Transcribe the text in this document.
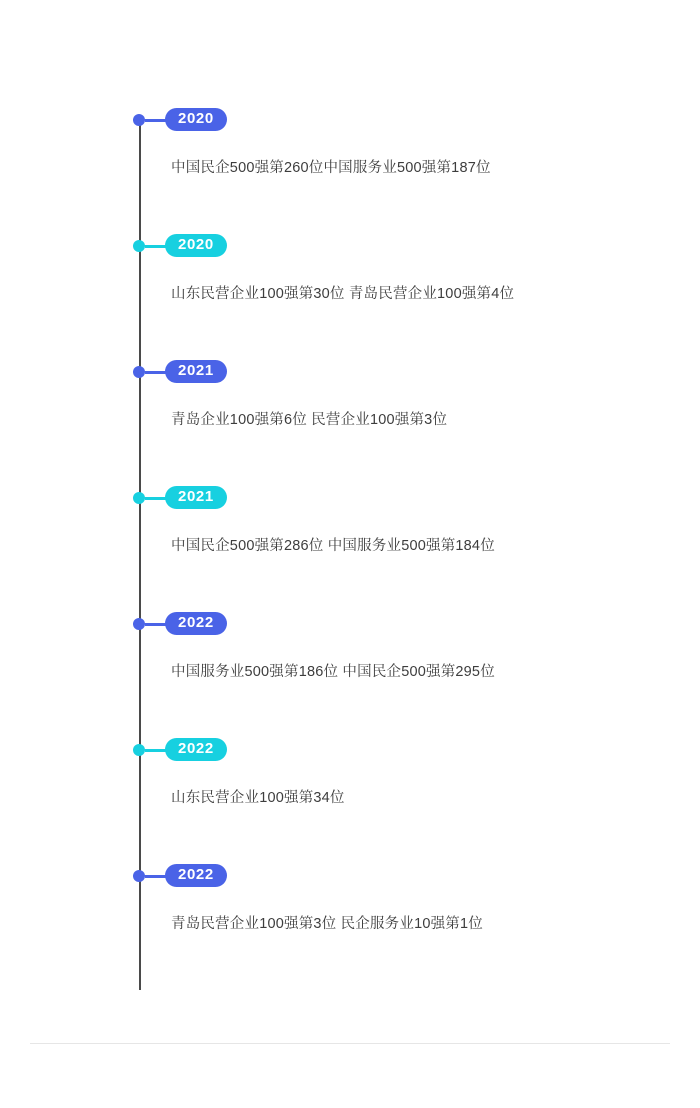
2020
中国民企500强第260位中国服务业500强第187位
2020
山东民营企业100强第30位 青岛民营企业100强第4位
2021
青岛企业100强第6位 民营企业100强第3位
2021
中国民企500强第286位 中国服务业500强第184位
2022
中国服务业500强第186位 中国民企500强第295位
2022
山东民营企业100强第34位
2022
青岛民营企业100强第3位 民企服务业10强第1位
